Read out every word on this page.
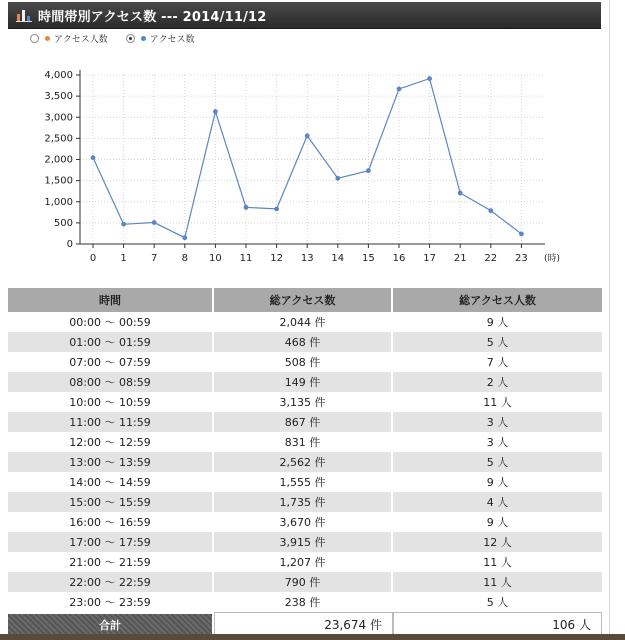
時間帯別アクセス数 --- 2014/11/12
アクセス人数	アクセス数
0
500
1,000
1,500
2,000
2,500
3,000
3,500
4,000
0 1 7 8 10 11 12 13 14 15 16 17 21 22 23 (時)
時間	総アクセス数	総アクセス人数
00:00 ～ 00:59	2,044 件	9 人
01:00 ～ 01:59	468 件	5 人
07:00 ～ 07:59	508 件	7 人
08:00 ～ 08:59	149 件	2 人
10:00 ～ 10:59	3,135 件	11 人
11:00 ～ 11:59	867 件	3 人
12:00 ～ 12:59	831 件	3 人
13:00 ～ 13:59	2,562 件	5 人
14:00 ～ 14:59	1,555 件	9 人
15:00 ～ 15:59	1,735 件	4 人
16:00 ～ 16:59	3,670 件	9 人
17:00 ～ 17:59	3,915 件	12 人
21:00 ～ 21:59	1,207 件	11 人
22:00 ～ 22:59	790 件	11 人
23:00 ～ 23:59	238 件	5 人
合計	23,674 件	106 人
